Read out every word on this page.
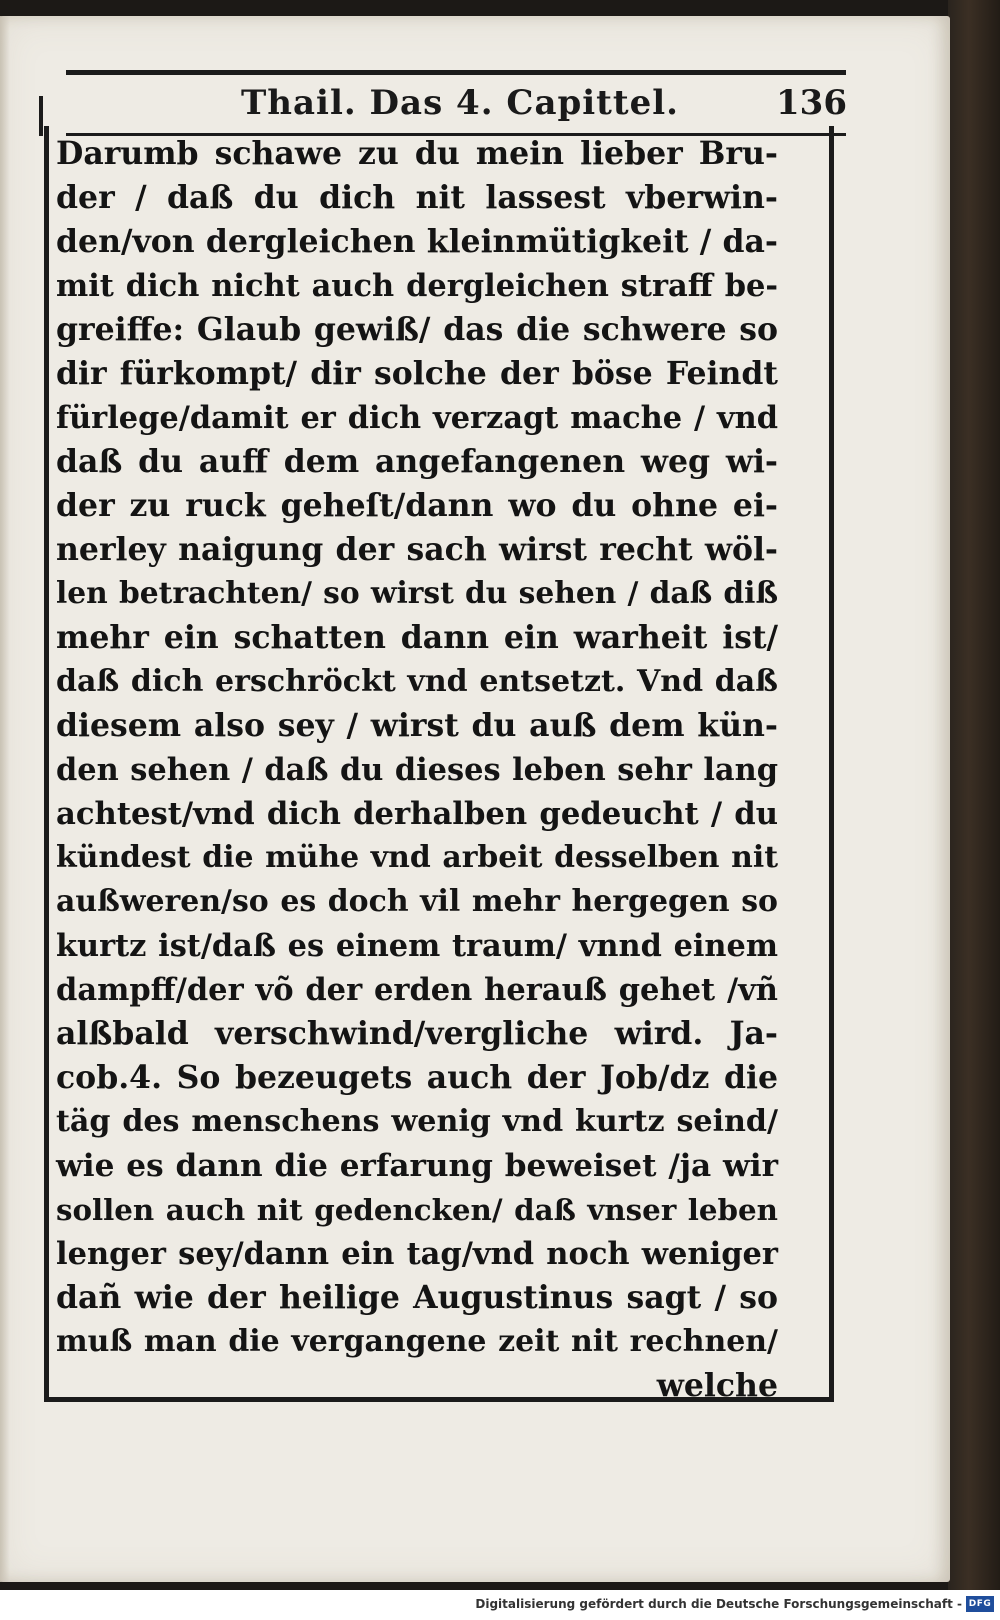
Thail. Das 4. Capittel.	136
Darumb schawe zu du mein lieber Bru-
der / daß du dich nit lassest vberwin-
den/von dergleichen kleinmütigkeit / da-
mit dich nicht auch dergleichen straff be-
greiffe: Glaub gewiß/ das die schwere so
dir fürkompt/ dir solche der böse Feindt
fürlege/damit er dich verzagt mache / vnd
daß du auff dem angefangenen weg wi-
der zu ruck geheſt/dann wo du ohne ei-
nerley naigung der sach wirst recht wöl-
len betrachten/ so wirst du sehen / daß diß
mehr ein schatten dann ein warheit ist/
daß dich erschröckt vnd entsetzt. Vnd daß
diesem also sey / wirst du auß dem kün-
den sehen / daß du dieses leben sehr lang
achtest/vnd dich derhalben gedeucht / du
kündest die mühe vnd arbeit desselben nit
außweren/so es doch vil mehr hergegen so
kurtz ist/daß es einem traum/ vnnd einem
dampff/der võ der erden herauß gehet /vñ
alßbald verschwind/vergliche wird. Ja-
cob.4. So bezeugets auch der Job/dz die
täg des menschens wenig vnd kurtz seind/
wie es dann die erfarung beweiset /ja wir
sollen auch nit gedencken/ daß vnser leben
lenger sey/dann ein tag/vnd noch weniger
dañ wie der heilige Augustinus sagt / so
muß man die vergangene zeit nit rechnen/
welche
Digitalisierung gefördert durch die Deutsche Forschungsgemeinschaft - DFG
